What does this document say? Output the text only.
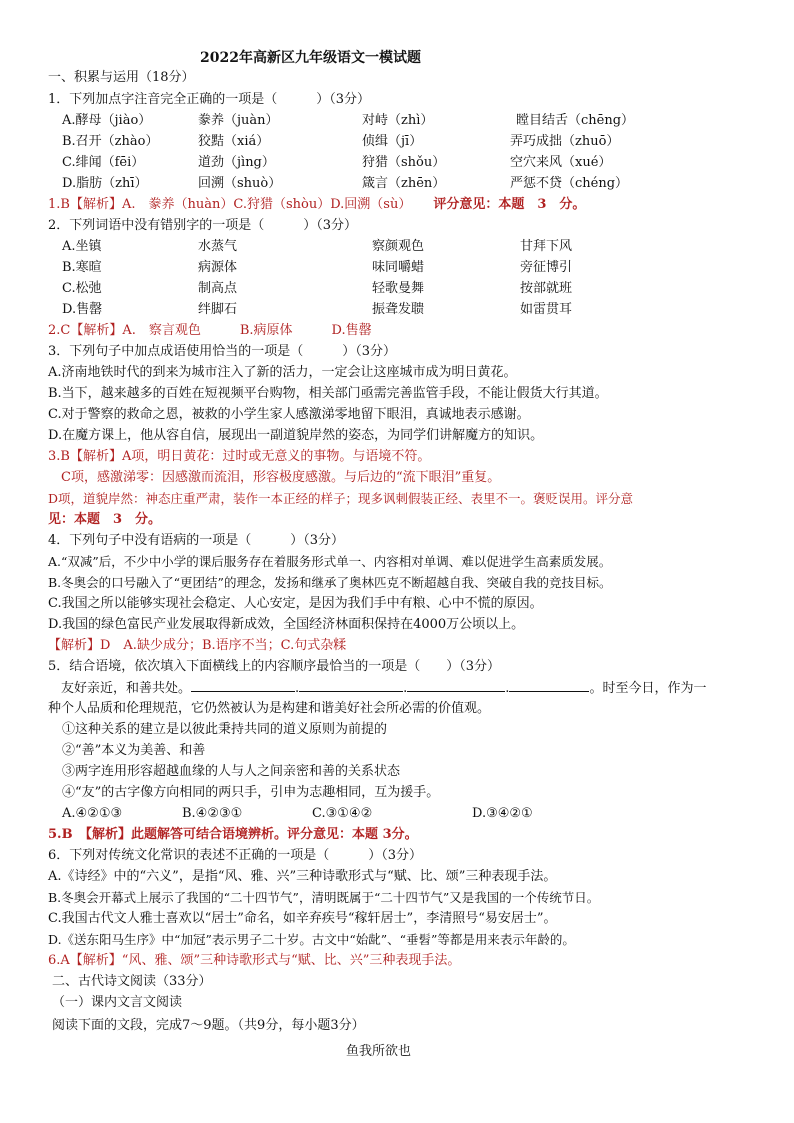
2022年高新区九年级语文一模试题
一、积累与运用（18分）
1．下列加点字注音完全正确的一项是（　　　）（3分）
A.酵母（jiào）	豢养（juàn）	对峙（zhì）	瞠目结舌（chēng）
B.召开（zhào）	狡黠（xiá）	侦缉（jī）	弄巧成拙（zhuō）
C.绯闻（fēi）	道劲（jìng）	狩猎（shǒu）	空穴来风（xué）
D.脂肪（zhī）	回溯（shuò）	箴言（zhēn）	严惩不贷（chéng）
1.B【解析】A.　豢养（huàn）C.狩猎（shòu）D.回溯（sù） 评分意见：本题　3　分。
2．下列词语中没有错别字的一项是（　　　）（3分）
A.坐镇	水蒸气	察颜观色	甘拜下风
B.寒暄	病源体	味同嚼蜡	旁征博引
C.松弛	制高点	轻歌曼舞	按部就班
D.售罄	绊脚石	振聋发聩	如雷贯耳
2.C【解析】A.　察言观色　　　B.病原体　　　D.售罄
3．下列句子中加点成语使用恰当的一项是（　　　）（3分）
A.济南地铁时代的到来为城市注入了新的活力，一定会让这座城市成为明日黄花。
B.当下，越来越多的百姓在短视频平台购物，相关部门亟需完善监管手段，不能让假货大行其道。
C.对于警察的救命之恩，被救的小学生家人感激涕零地留下眼泪，真诚地表示感谢。
D.在魔方课上，他从容自信，展现出一副道貌岸然的姿态，为同学们讲解魔方的知识。
3.B【解析】A项，明日黄花：过时或无意义的事物。与语境不符。
　C项，感激涕零：因感激而流泪，形容极度感激。与后边的“流下眼泪”重复。
D项，道貌岸然：神态庄重严肃，装作一本正经的样子；现多讽刺假装正经、表里不一。褒贬误用。评分意
见：本题　3　分。
4．下列句子中没有语病的一项是（　　　）（3分）
A.“双减”后，不少中小学的课后服务存在着服务形式单一、内容相对单调、难以促进学生高素质发展。
B.冬奥会的口号融入了“更团结”的理念，发扬和继承了奥林匹克不断超越自我、突破自我的竞技目标。
C.我国之所以能够实现社会稳定、人心安定，是因为我们手中有粮、心中不慌的原因。
D.我国的绿色富民产业发展取得新成效，全国经济林面积保持在4000万公顷以上。
【解析】D　A.缺少成分；B.语序不当；C.句式杂糅
5．结合语境，依次填入下面横线上的内容顺序最恰当的一项是（　　）（3分）
　友好亲近，和善共处。	.	.	.	。时至今日，作为一
种个人品质和伦理规范，它仍然被认为是构建和谐美好社会所必需的价值观。
①这种关系的建立是以彼此秉持共同的道义原则为前提的
②“善”本义为美善、和善
③两字连用形容超越血缘的人与人之间亲密和善的关系状态
④“友”的古字像方向相同的两只手，引申为志趣相同，互为援手。
A.④②①③	B.④②③①	C.③①④②	D.③④②①
5.B　【解析】此题解答可结合语境辨析。评分意见：本题 3分。
6．下列对传统文化常识的表述不正确的一项是（　　　）（3分）
A.《诗经》中的“六义”，是指“风、雅、兴”三种诗歌形式与“赋、比、颂”三种表现手法。
B.冬奥会开幕式上展示了我国的“二十四节气”，清明既属于“二十四节气”又是我国的一个传统节日。
C.我国古代文人雅士喜欢以“居士”命名，如辛弃疾号“稼轩居士”，李清照号“易安居士”。
D.《送东阳马生序》中“加冠”表示男子二十岁。古文中“始龀”、“垂髫”等都是用来表示年龄的。
6.A【解析】“风、雅、颂”三种诗歌形式与“赋、比、兴”三种表现手法。
二、古代诗文阅读（33分）
（一）课内文言文阅读
阅读下面的文段，完成7～9题。（共9分，每小题3分）
鱼我所欲也
